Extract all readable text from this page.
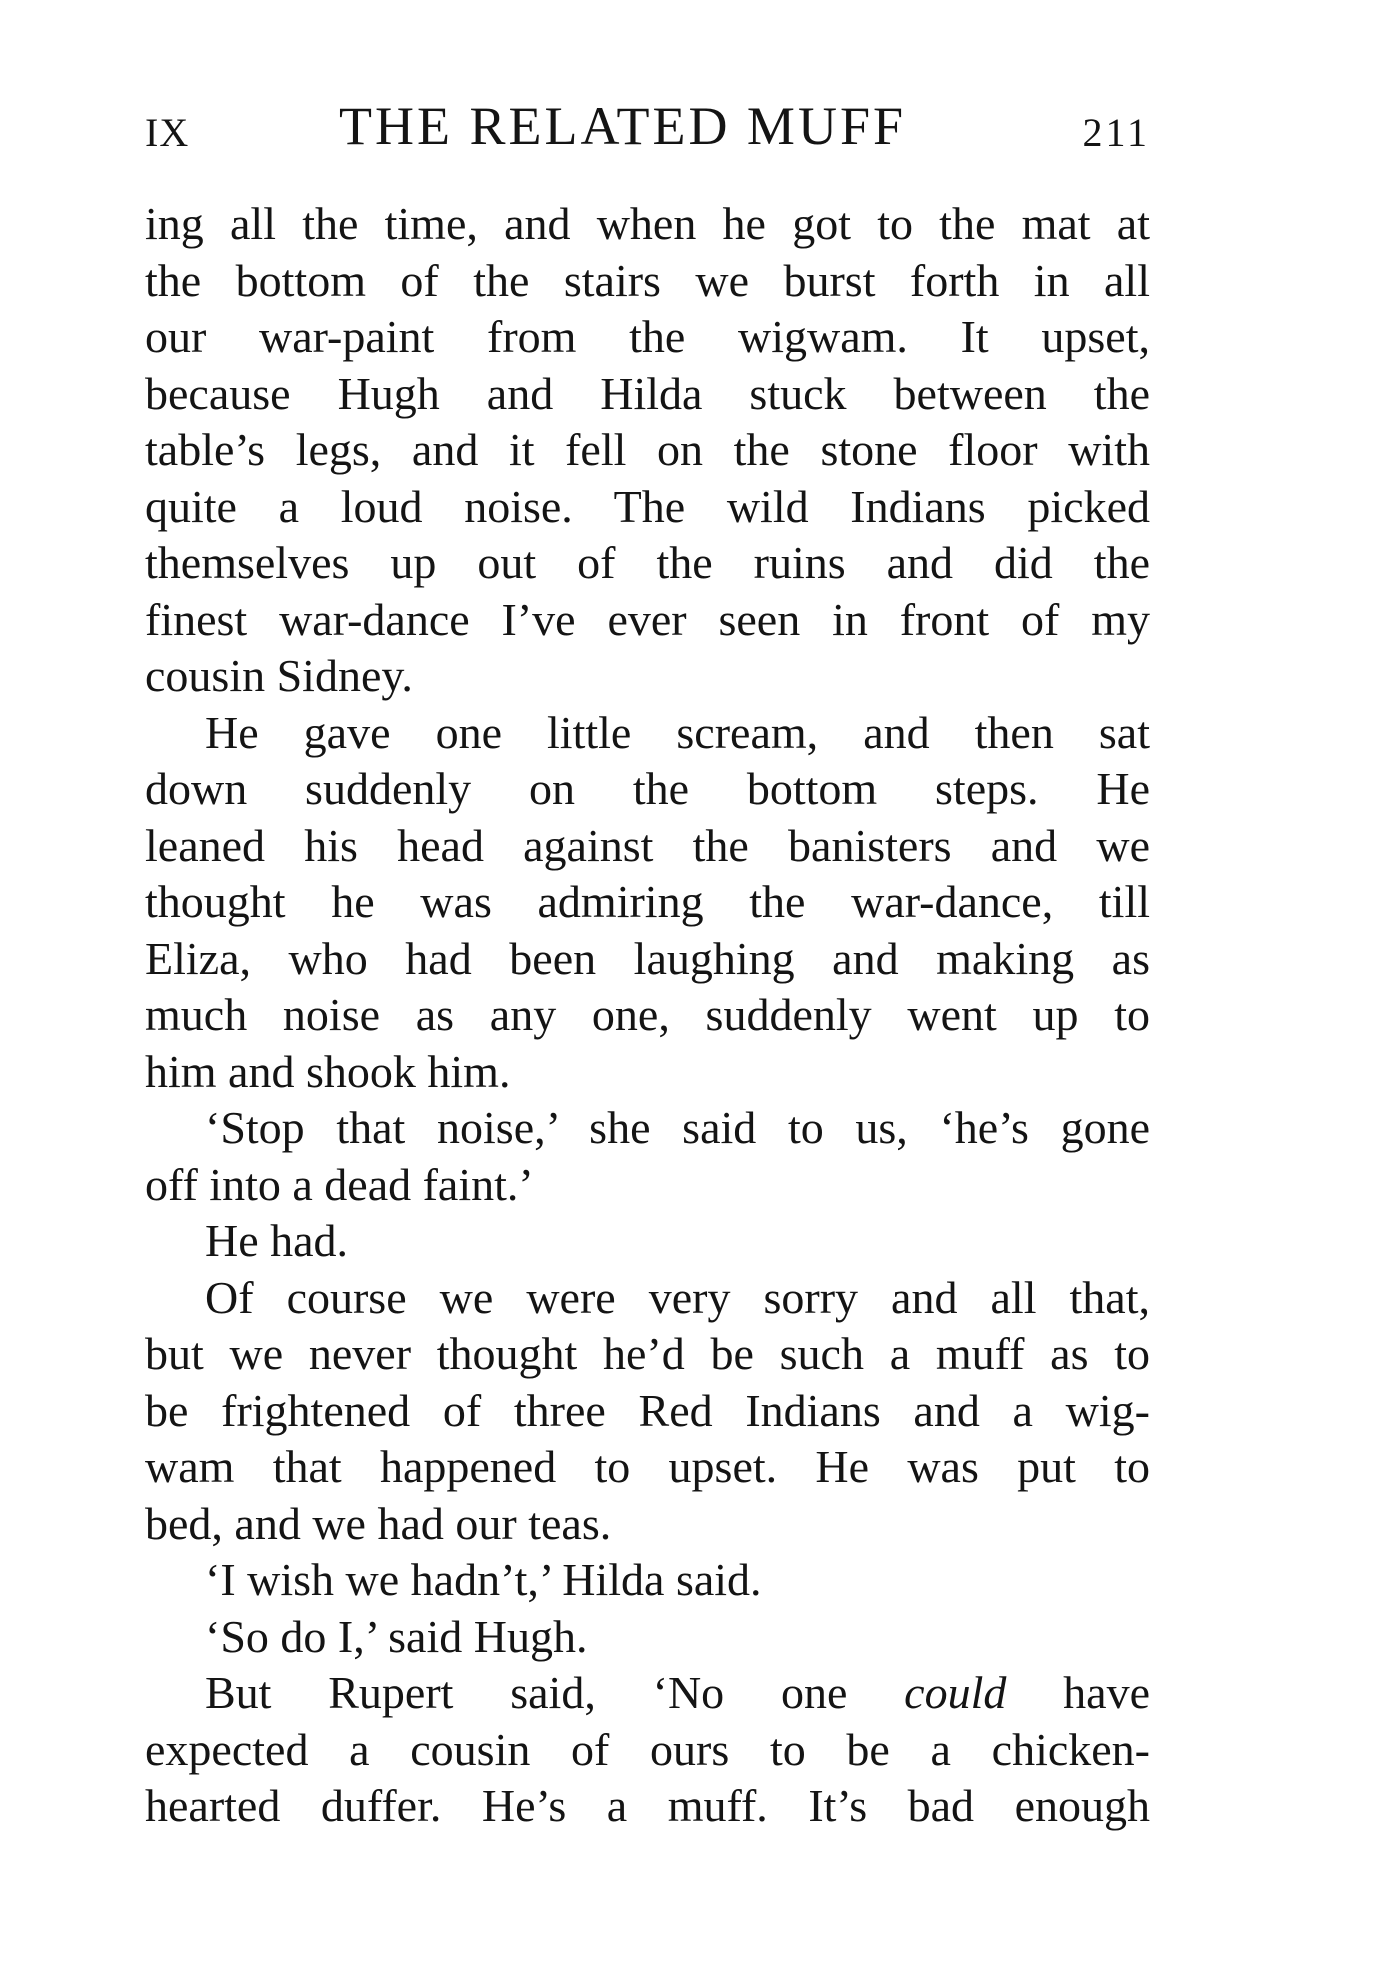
IX	THE RELATED MUFF	211
ing all the time, and when he got to the mat at
the bottom of the stairs we burst forth in all
our war-paint from the wigwam. It upset,
because Hugh and Hilda stuck between the
table’s legs, and it fell on the stone floor with
quite a loud noise. The wild Indians picked
themselves up out of the ruins and did the
finest war-dance I’ve ever seen in front of my
cousin Sidney.
He gave one little scream, and then sat
down suddenly on the bottom steps. He
leaned his head against the banisters and we
thought he was admiring the war-dance, till
Eliza, who had been laughing and making as
much noise as any one, suddenly went up to
him and shook him.
‘Stop that noise,’ she said to us, ‘he’s gone
off into a dead faint.’
He had.
Of course we were very sorry and all that,
but we never thought he’d be such a muff as to
be frightened of three Red Indians and a wig-
wam that happened to upset. He was put to
bed, and we had our teas.
‘I wish we hadn’t,’ Hilda said.
‘So do I,’ said Hugh.
But Rupert said, ‘No one could have
expected a cousin of ours to be a chicken-
hearted duffer. He’s a muff. It’s bad enough
